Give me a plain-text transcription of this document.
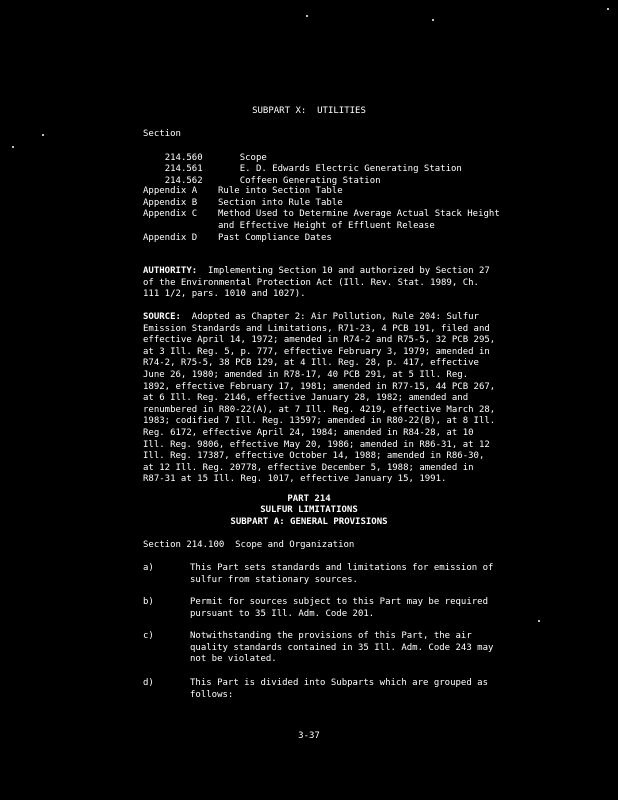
SUBPART X:  UTILITIES
Section

214.560	Scope

214.561	E. D. Edwards Electric Generating Station

214.562	Coffeen Generating Station

Appendix A Rule into Section Table
Appendix B Section into Rule Table
Appendix C Method Used to Determine Average Actual Stack Height
and Effective Height of Effluent Release
Appendix D Past Compliance Dates
AUTHORITY:  Implementing Section 10 and authorized by Section 27
of the Environmental Protection Act (Ill. Rev. Stat. 1989, Ch.
111 1/2, pars. 1010 and 1027).
SOURCE:  Adopted as Chapter 2: Air Pollution, Rule 204: Sulfur
Emission Standards and Limitations, R71-23, 4 PCB 191, filed and
effective April 14, 1972; amended in R74-2 and R75-5, 32 PCB 295,
at 3 Ill. Reg. 5, p. 777, effective February 3, 1979; amended in
R74-2, R75-5, 38 PCB 129, at 4 Ill. Reg. 28, p. 417, effective
June 26, 1980; amended in R78-17, 40 PCB 291, at 5 Ill. Reg.
1892, effective February 17, 1981; amended in R77-15, 44 PCB 267,
at 6 Ill. Reg. 2146, effective January 28, 1982; amended and
renumbered in R80-22(A), at 7 Ill. Reg. 4219, effective March 28,
1983; codified 7 Ill. Reg. 13597; amended in R80-22(B), at 8 Ill.
Reg. 6172, effective April 24, 1984; amended in R84-28, at 10
Ill. Reg. 9806, effective May 20, 1986; amended in R86-31, at 12
Ill. Reg. 17387, effective October 14, 1988; amended in R86-30,
at 12 Ill. Reg. 20778, effective December 5, 1988; amended in
R87-31 at 15 Ill. Reg. 1017, effective January 15, 1991.
PART 214
SULFUR LIMITATIONS
SUBPART A: GENERAL PROVISIONS
Section 214.100  Scope and Organization
a)	This Part sets standards and limitations for emission of
sulfur from stationary sources.
b)	Permit for sources subject to this Part may be required
pursuant to 35 Ill. Adm. Code 201.
c)	Notwithstanding the provisions of this Part, the air
quality standards contained in 35 Ill. Adm. Code 243 may
not be violated.
d)	This Part is divided into Subparts which are grouped as
follows:
3-37
